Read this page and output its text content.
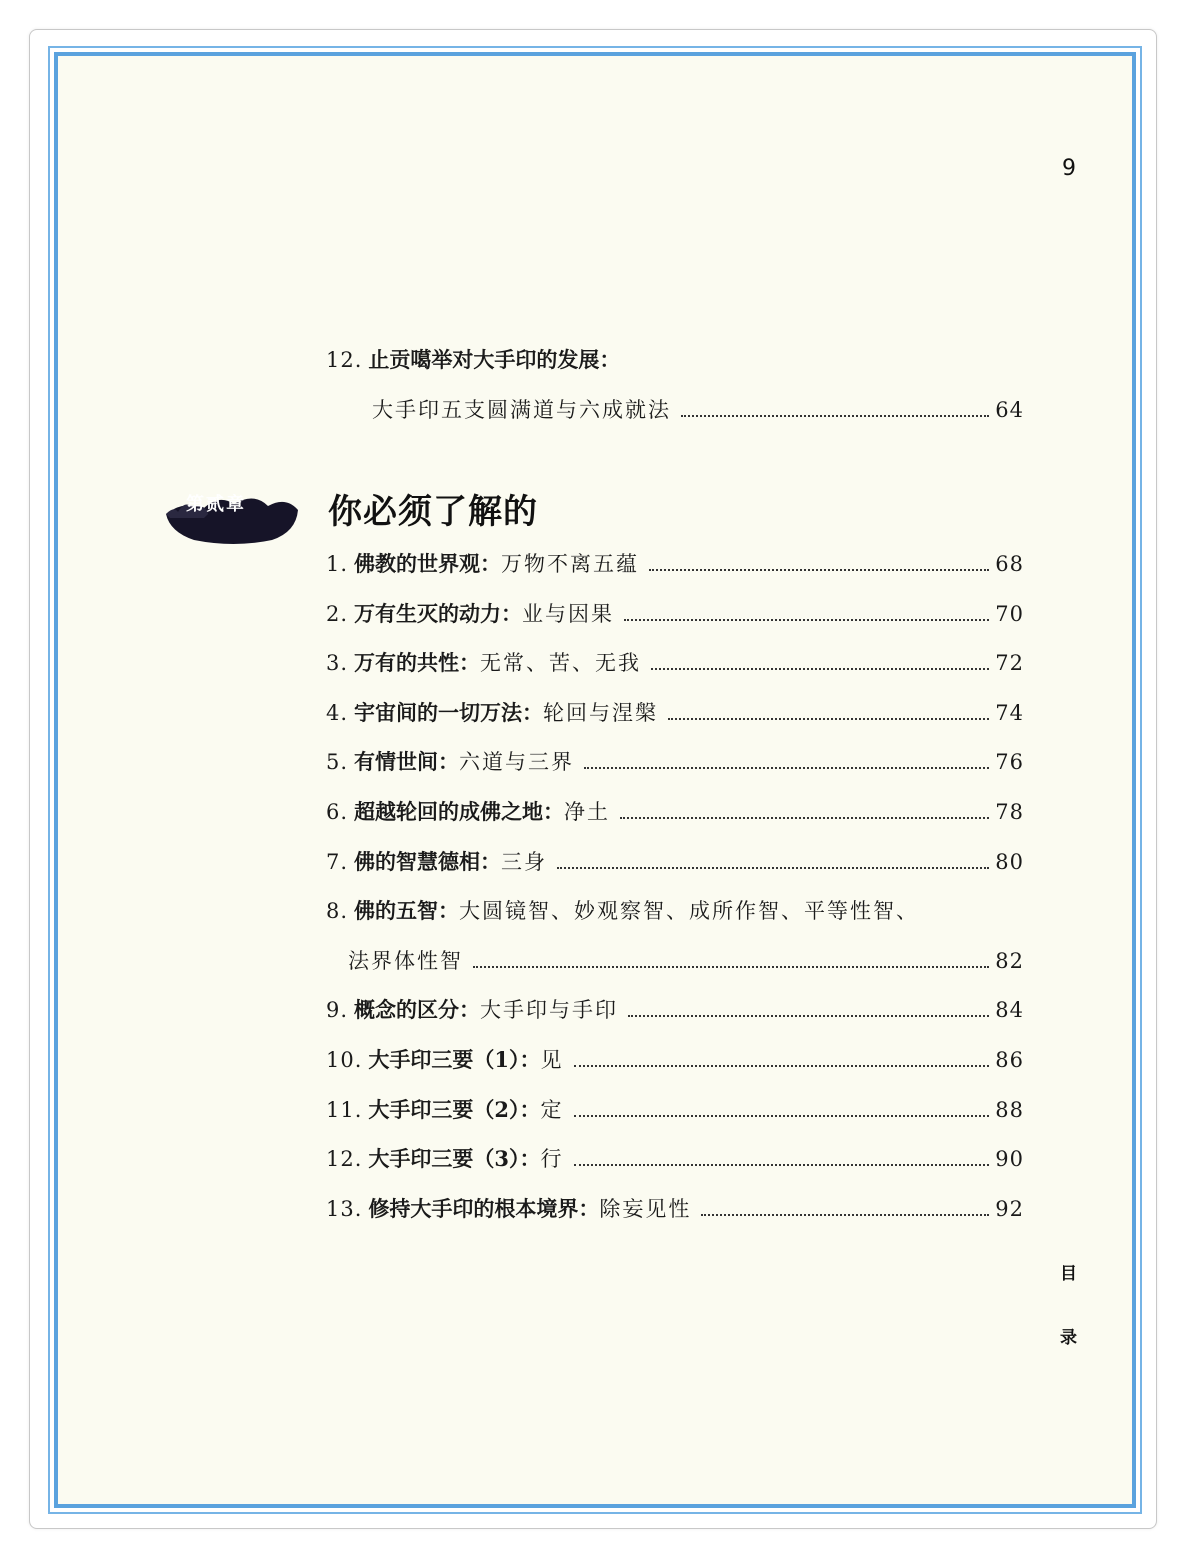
9
目
录
12. 止贡噶举对大手印的发展：
大手印五支圆满道与六成就法	64
第贰章 你必须了解的
1. 佛教的世界观： 万物不离五蕴	68
2. 万有生灭的动力： 业与因果	70
3. 万有的共性： 无常、苦、无我	72
4. 宇宙间的一切万法： 轮回与涅槃	74
5. 有情世间： 六道与三界	76
6. 超越轮回的成佛之地： 净土	78
7. 佛的智慧德相： 三身	80
8. 佛的五智： 大圆镜智、妙观察智、成所作智、平等性智、
法界体性智	82
9. 概念的区分： 大手印与手印	84
10. 大手印三要（1）： 见	86
11. 大手印三要（2）： 定	88
12. 大手印三要（3）： 行	90
13. 修持大手印的根本境界： 除妄见性	92
